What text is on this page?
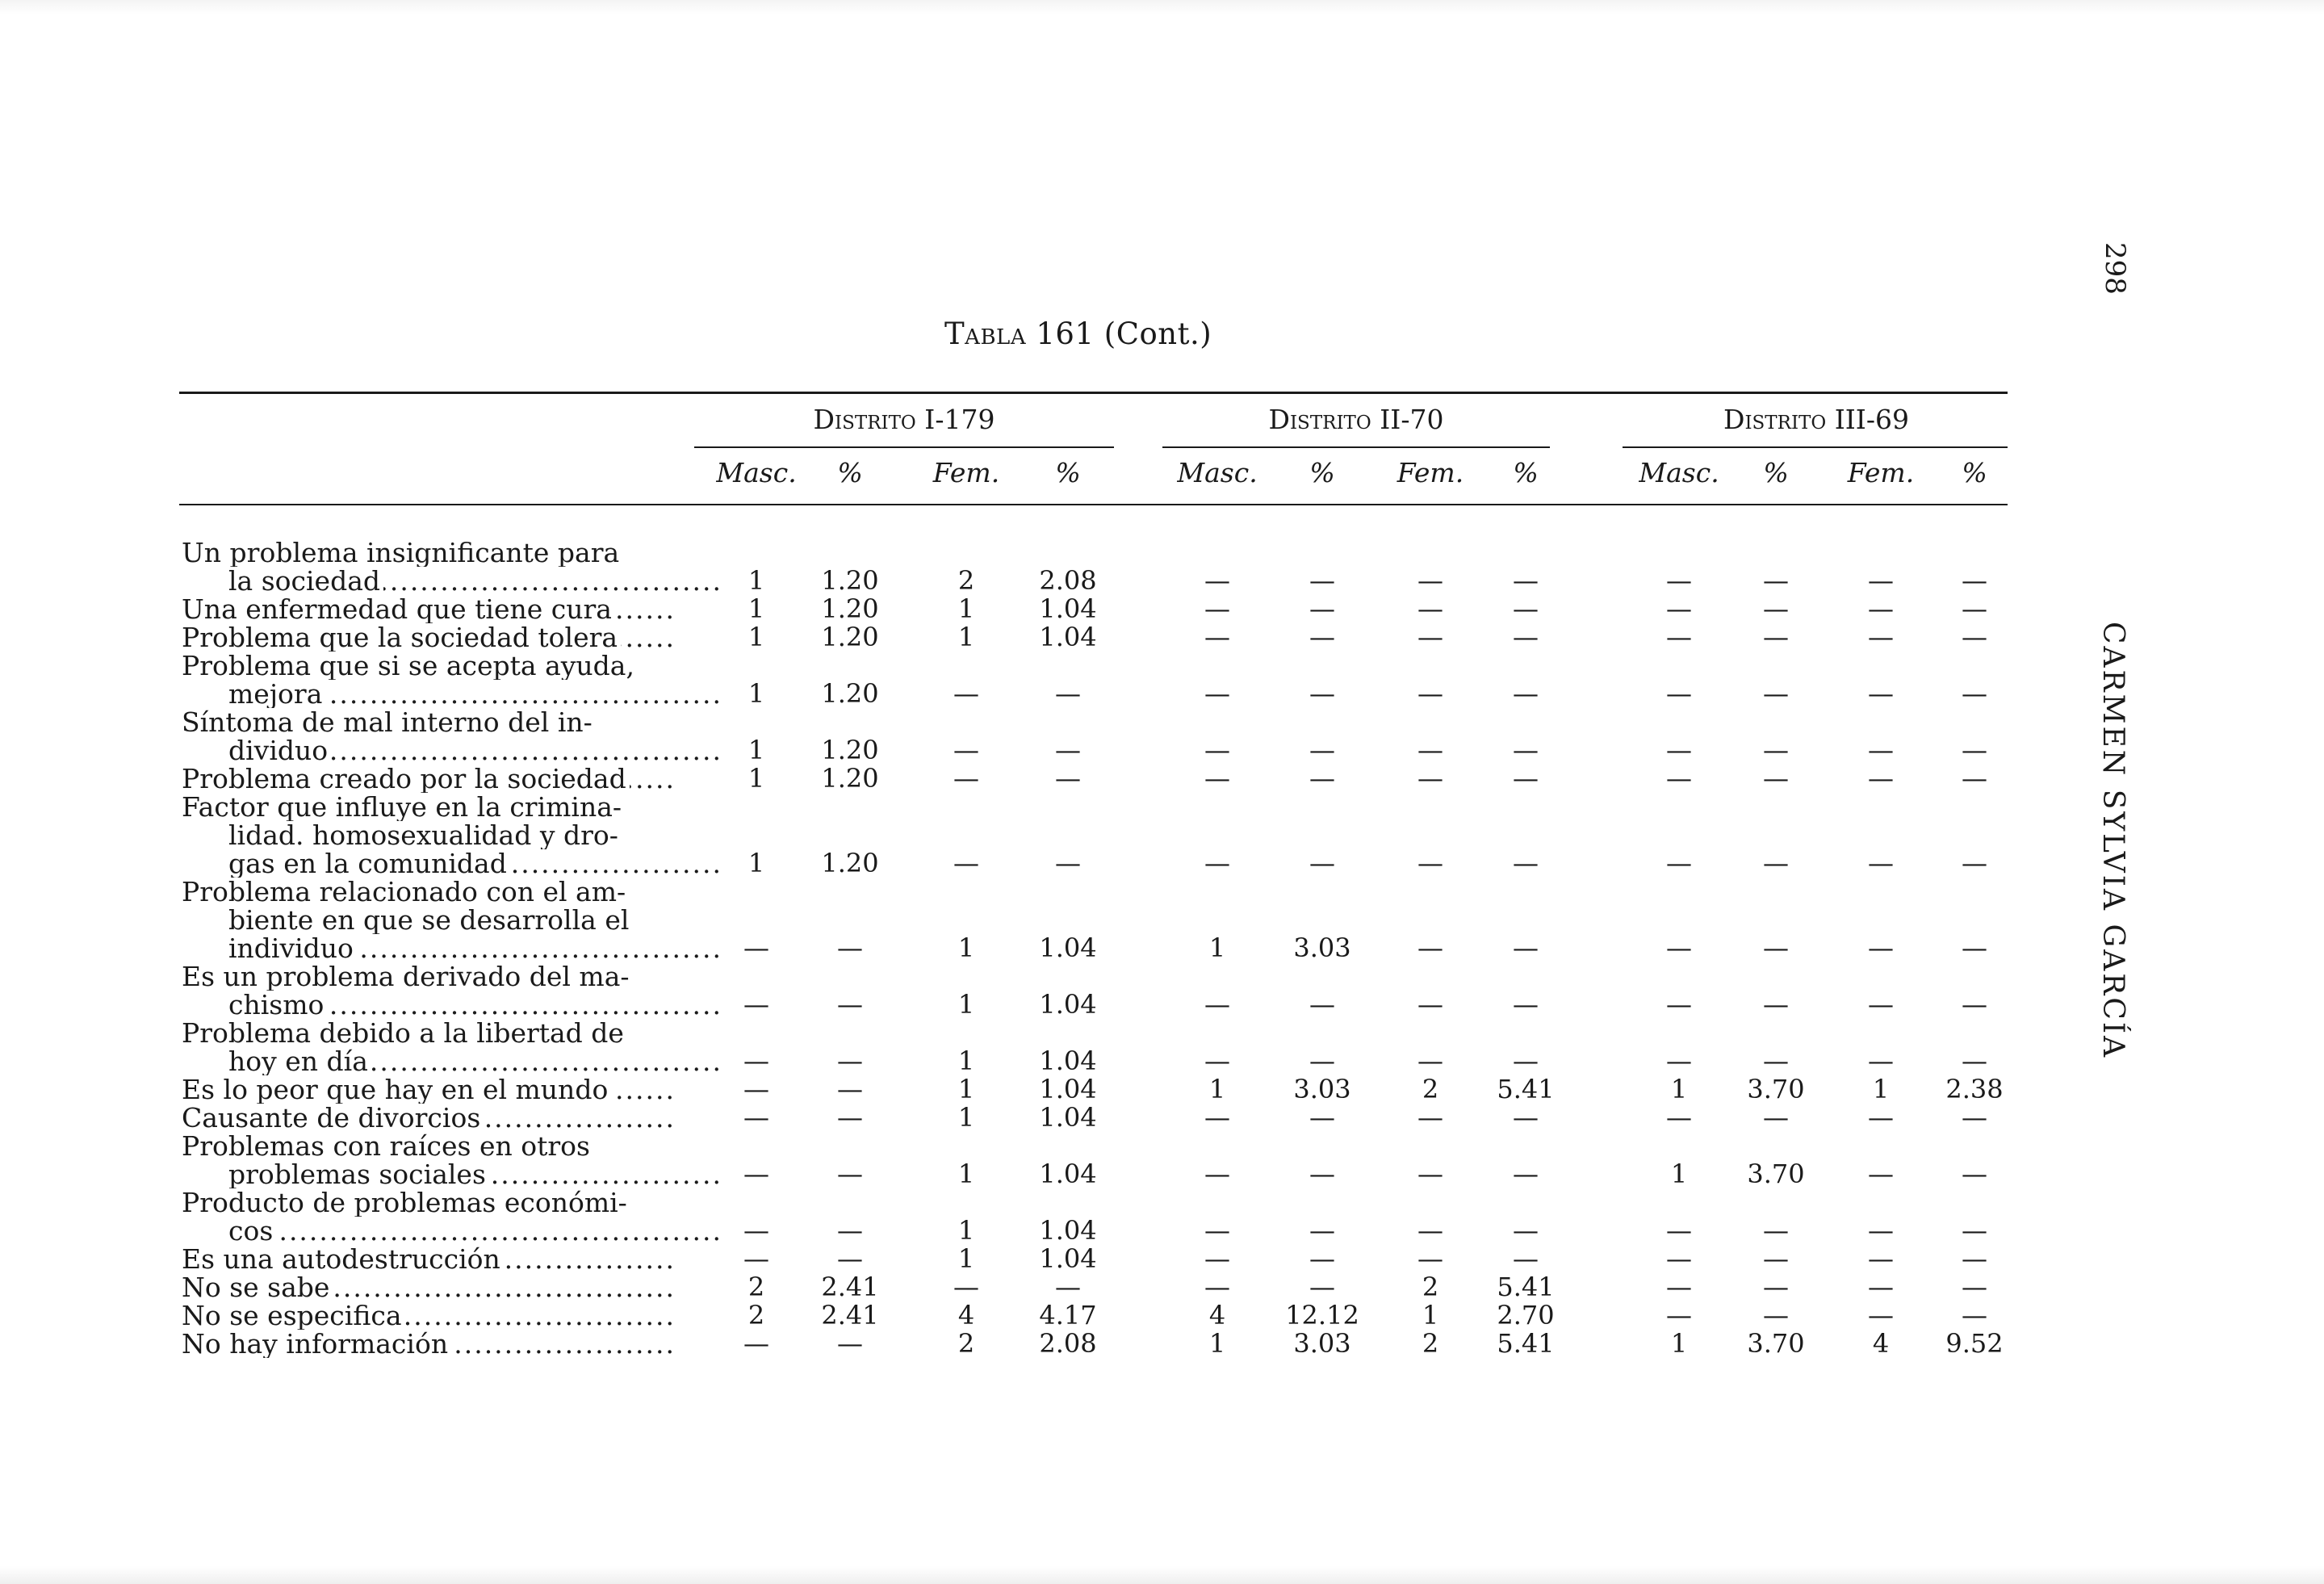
Tabla 161 (Cont.)
298
CARMEN SYLVIA GARCÍA
Distrito I-179	Distrito II-70	Distrito III-69
Masc.	%	Fem.	%	Masc.	%	Fem.	%	Masc.	%	Fem.	%
Un problema insignificante para
la sociedad .....	1	1.20	2	2.08	—	—	—	—	—	—	—	—
Una enfermedad que tiene cura .....	1	1.20	1	1.04	—	—	—	—	—	—	—	—
Problema que la sociedad tolera .....	1	1.20	1	1.04	—	—	—	—	—	—	—	—
Problema que si se acepta ayuda,
mejora .....	1	1.20	—	—	—	—	—	—	—	—	—	—
Síntoma de mal interno del in-
dividuo .....	1	1.20	—	—	—	—	—	—	—	—	—	—
Problema creado por la sociedad .....	1	1.20	—	—	—	—	—	—	—	—	—	—
Factor que influye en la crimina-
lidad. homosexualidad y dro-
gas en la comunidad .....	1	1.20	—	—	—	—	—	—	—	—	—	—
Problema relacionado con el am-
biente en que se desarrolla el
individuo .....	—	—	1	1.04	1	3.03	—	—	—	—	—	—
Es un problema derivado del ma-
chismo .....	—	—	1	1.04	—	—	—	—	—	—	—	—
Problema debido a la libertad de
hoy en día .....	—	—	1	1.04	—	—	—	—	—	—	—	—
Es lo peor que hay en el mundo .....	—	—	1	1.04	1	3.03	2	5.41	1	3.70	1	2.38
Causante de divorcios .....	—	—	1	1.04	—	—	—	—	—	—	—	—
Problemas con raíces en otros
problemas sociales .....	—	—	1	1.04	—	—	—	—	1	3.70	—	—
Producto de problemas económi-
cos .....	—	—	1	1.04	—	—	—	—	—	—	—	—
Es una autodestrucción .....	—	—	1	1.04	—	—	—	—	—	—	—	—
No se sabe .....	2	2.41	—	—	—	—	2	5.41	—	—	—	—
No se especifica .....	2	2.41	4	4.17	4	12.12	1	2.70	—	—	—	—
No hay información .....	—	—	2	2.08	1	3.03	2	5.41	1	3.70	4	9.52
